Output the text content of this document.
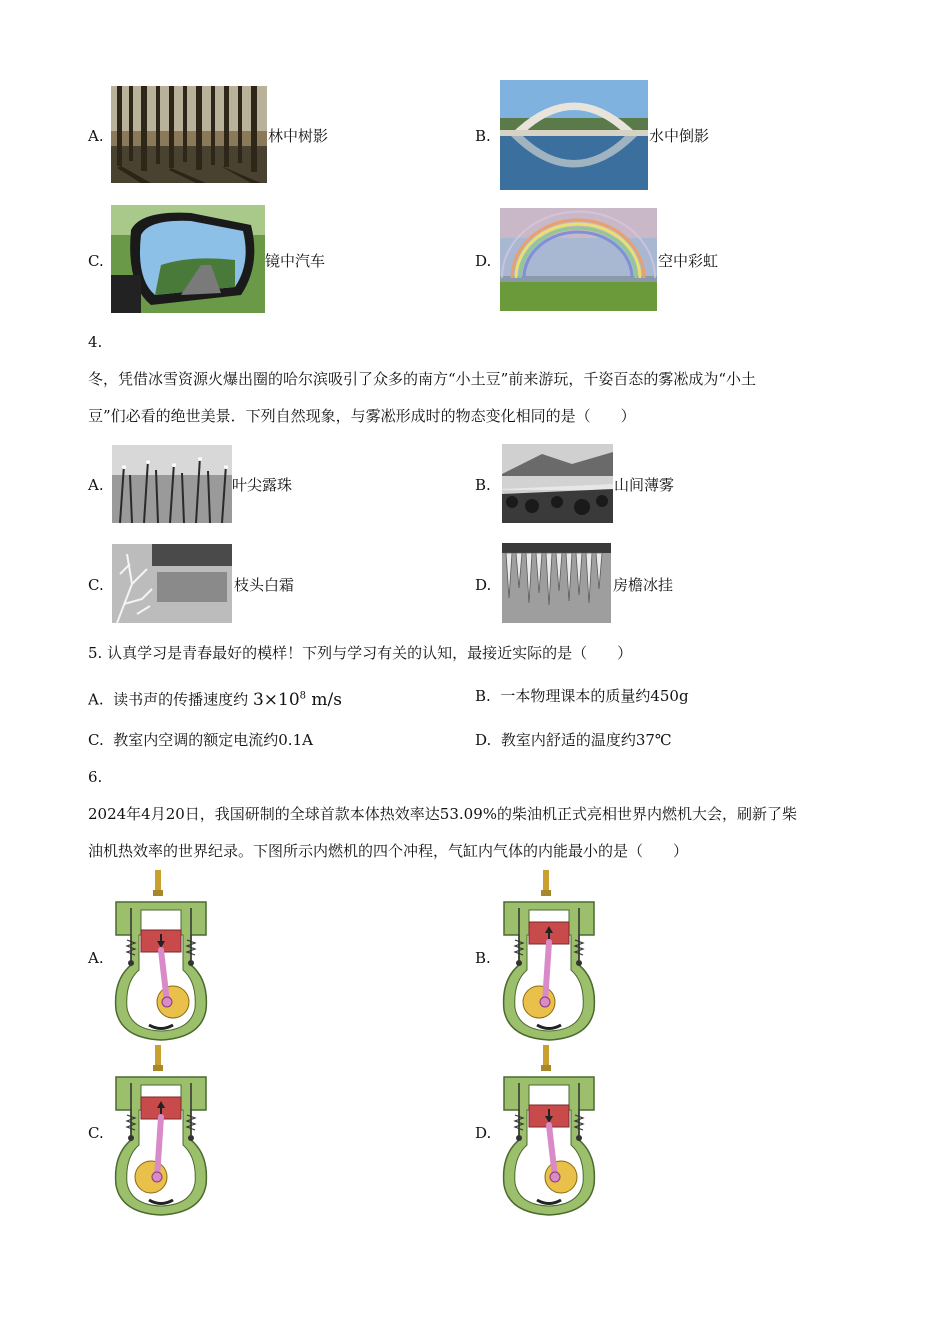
A.	林中树影	B.	水中倒影
C.	镜中汽车	D.	空中彩虹
4.
冬，凭借冰雪资源火爆出圈的哈尔滨吸引了众多的南方“小土豆”前来游玩，千姿百态的雾凇成为“小土
豆”们必看的绝世美景．下列自然现象，与雾凇形成时的物态变化相同的是（　　）
A.	叶尖露珠	B.	山间薄雾
C.	枝头白霜	D.	房檐冰挂
5. 认真学习是青春最好的模样！下列与学习有关的认知，最接近实际的是（　　）
A. 读书声的传播速度约 $3\times 10^8$ m/s	B. 一本物理课本的质量约450g
C. 教室内空调的额定电流约0.1A	D. 教室内舒适的温度约37℃
6.
2024年4月20日，我国研制的全球首款本体热效率达53.09%的柴油机正式亮相世界内燃机大会，刷新了柴
油机热效率的世界纪录。下图所示内燃机的四个冲程，气缸内气体的内能最小的是（　　）
A.	B.
C.	D.
